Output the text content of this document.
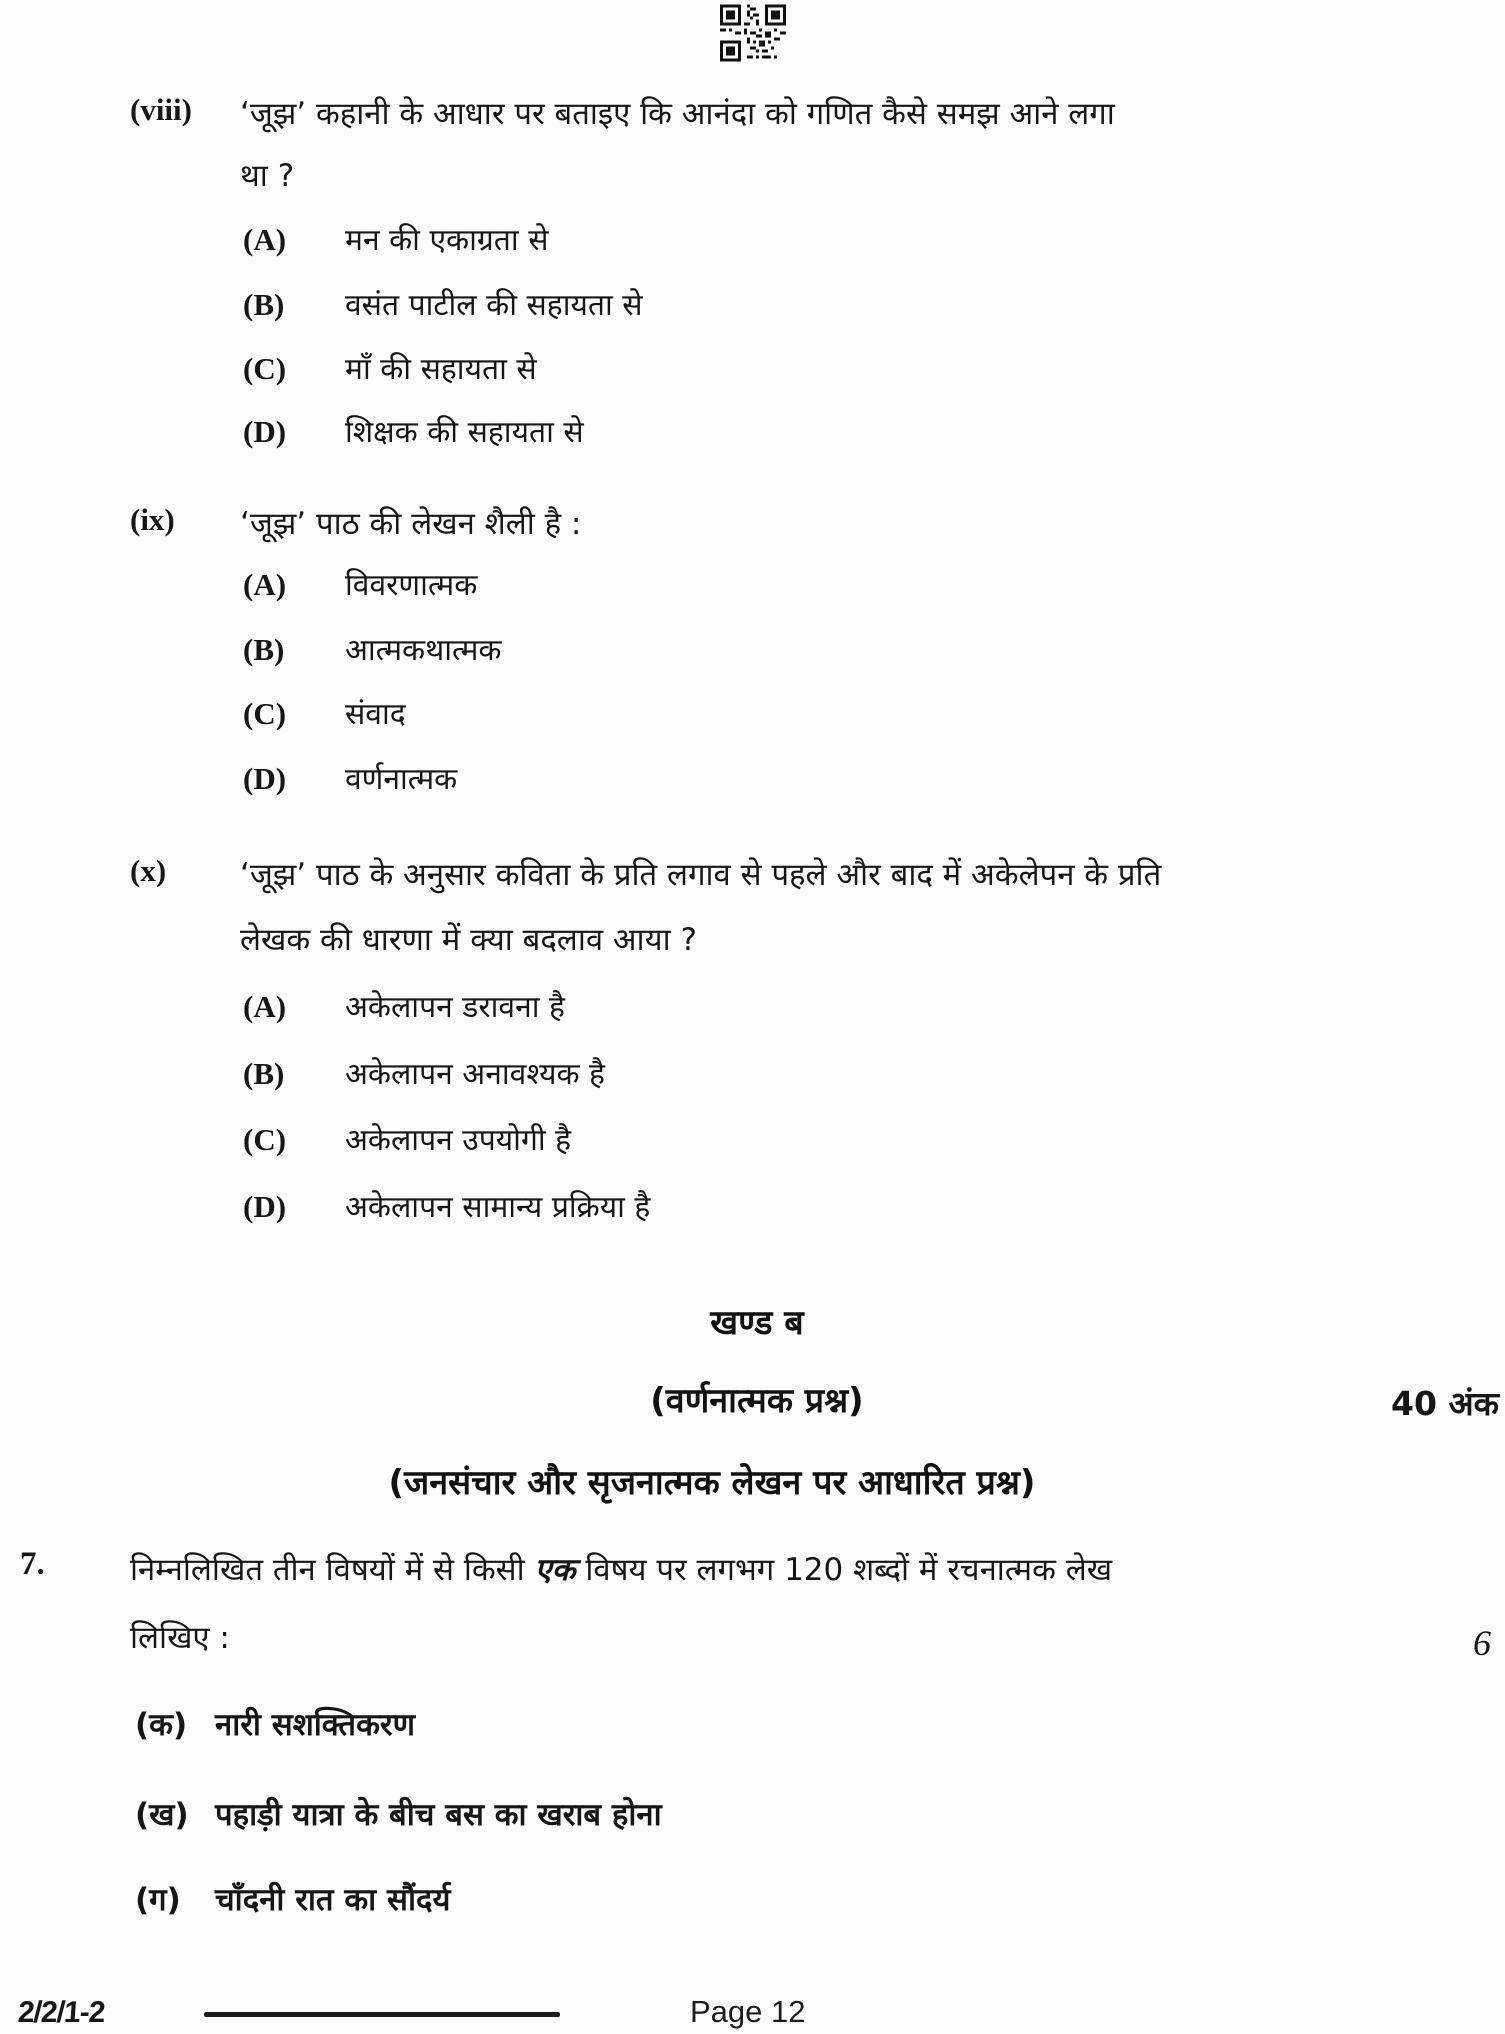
(viii) ‘जूझ’ कहानी के आधार पर बताइए कि आनंदा को गणित कैसे समझ आने लगा
था ?
(A) मन की एकाग्रता से
(B) वसंत पाटील की सहायता से
(C) माँ की सहायता से
(D) शिक्षक की सहायता से
(ix) ‘जूझ’ पाठ की लेखन शैली है :
(A) विवरणात्मक
(B) आत्मकथात्मक
(C) संवाद
(D) वर्णनात्मक
(x) ‘जूझ’ पाठ के अनुसार कविता के प्रति लगाव से पहले और बाद में अकेलेपन के प्रति
लेखक की धारणा में क्या बदलाव आया ?
(A) अकेलापन डरावना है
(B) अकेलापन अनावश्यक है
(C) अकेलापन उपयोगी है
(D) अकेलापन सामान्य प्रक्रिया है
खण्ड ब
(वर्णनात्मक प्रश्न)	40 अंक
(जनसंचार और सृजनात्मक लेखन पर आधारित प्रश्न)
7.	निम्नलिखित तीन विषयों में से किसी एक विषय पर लगभग 120 शब्दों में रचनात्मक लेख
लिखिए :	6
(क) नारी सशक्तिकरण
(ख) पहाड़ी यात्रा के बीच बस का खराब होना
(ग) चाँदनी रात का सौंदर्य
2/2/1-2	Page 12
